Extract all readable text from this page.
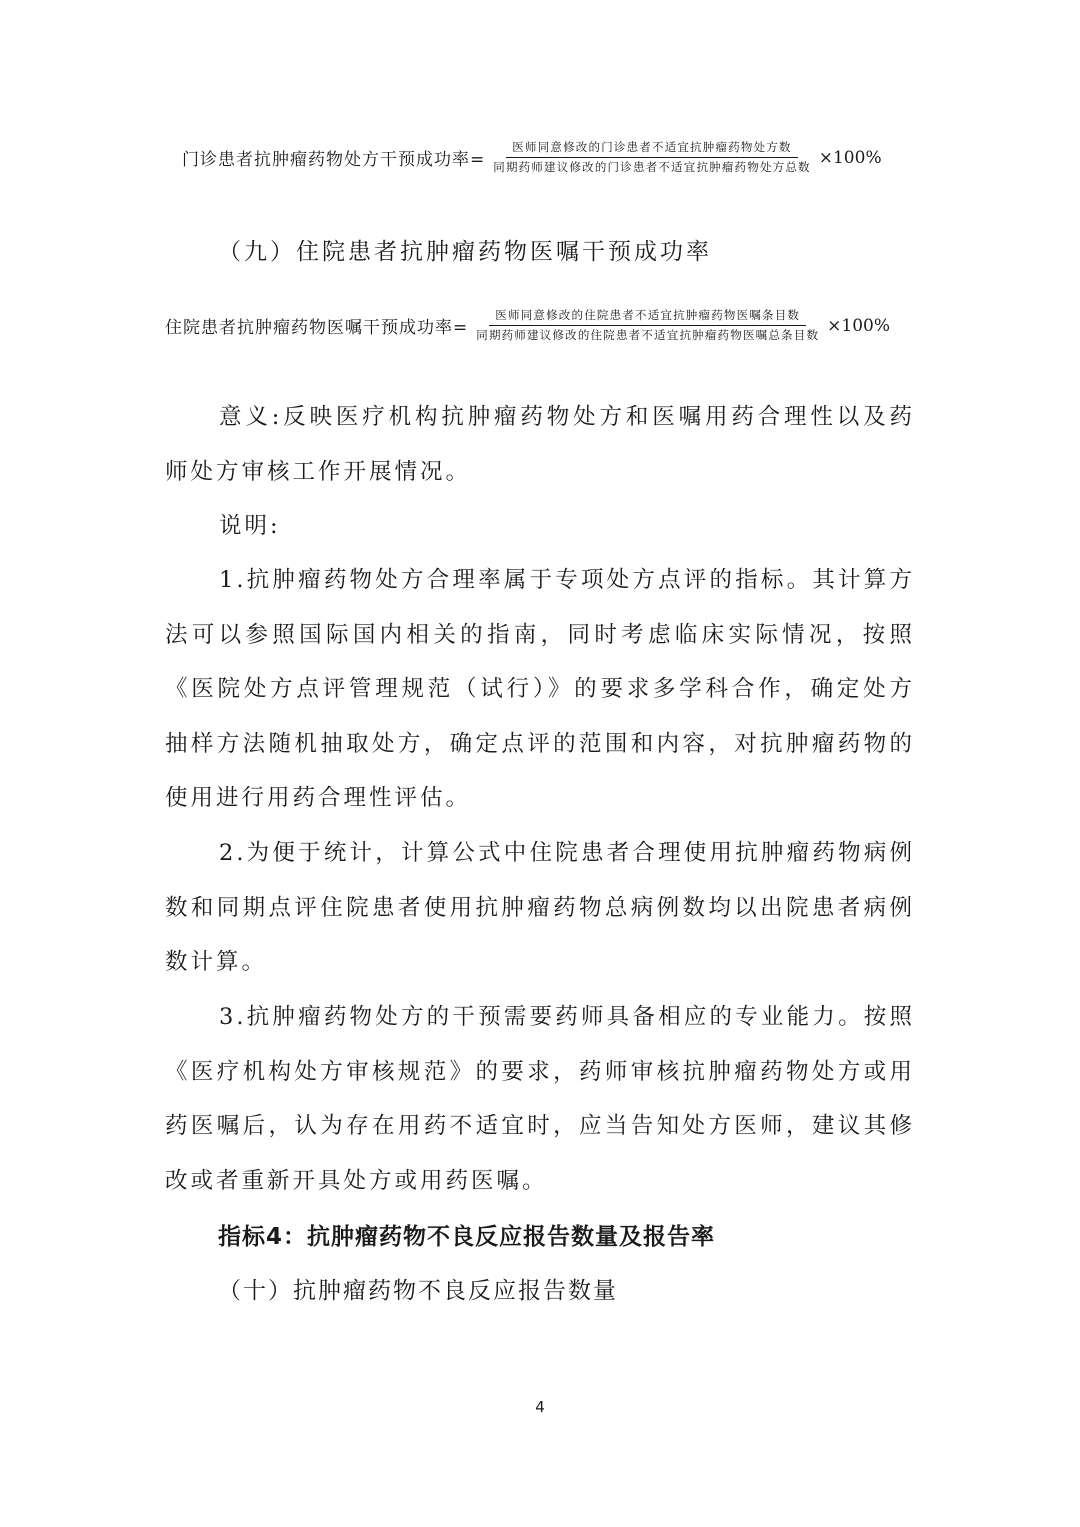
门诊患者抗肿瘤药物处方干预成功率= $\frac{\text{医师同意修改的门诊患者不适宜抗肿瘤药物处方数}}{\text{同期药师建议修改的门诊患者不适宜抗肿瘤药物处方总数}} \times 100\%$
（九）住院患者抗肿瘤药物医嘱干预成功率
住院患者抗肿瘤药物医嘱干预成功率= $\frac{\text{医师同意修改的住院患者不适宜抗肿瘤药物医嘱条目数}}{\text{同期药师建议修改的住院患者不适宜抗肿瘤药物医嘱总条目数}} \times 100\%$
意义:反映医疗机构抗肿瘤药物处方和医嘱用药合理性以及药师处方审核工作开展情况。
说明:
1.抗肿瘤药物处方合理率属于专项处方点评的指标。其计算方法可以参照国际国内相关的指南，同时考虑临床实际情况，按照《医院处方点评管理规范（试行）》的要求多学科合作，确定处方抽样方法随机抽取处方，确定点评的范围和内容，对抗肿瘤药物的使用进行用药合理性评估。
2.为便于统计，计算公式中住院患者合理使用抗肿瘤药物病例数和同期点评住院患者使用抗肿瘤药物总病例数均以出院患者病例数计算。
3.抗肿瘤药物处方的干预需要药师具备相应的专业能力。按照《医疗机构处方审核规范》的要求，药师审核抗肿瘤药物处方或用药医嘱后，认为存在用药不适宜时，应当告知处方医师，建议其修改或者重新开具处方或用药医嘱。
指标4：抗肿瘤药物不良反应报告数量及报告率
（十）抗肿瘤药物不良反应报告数量
4
